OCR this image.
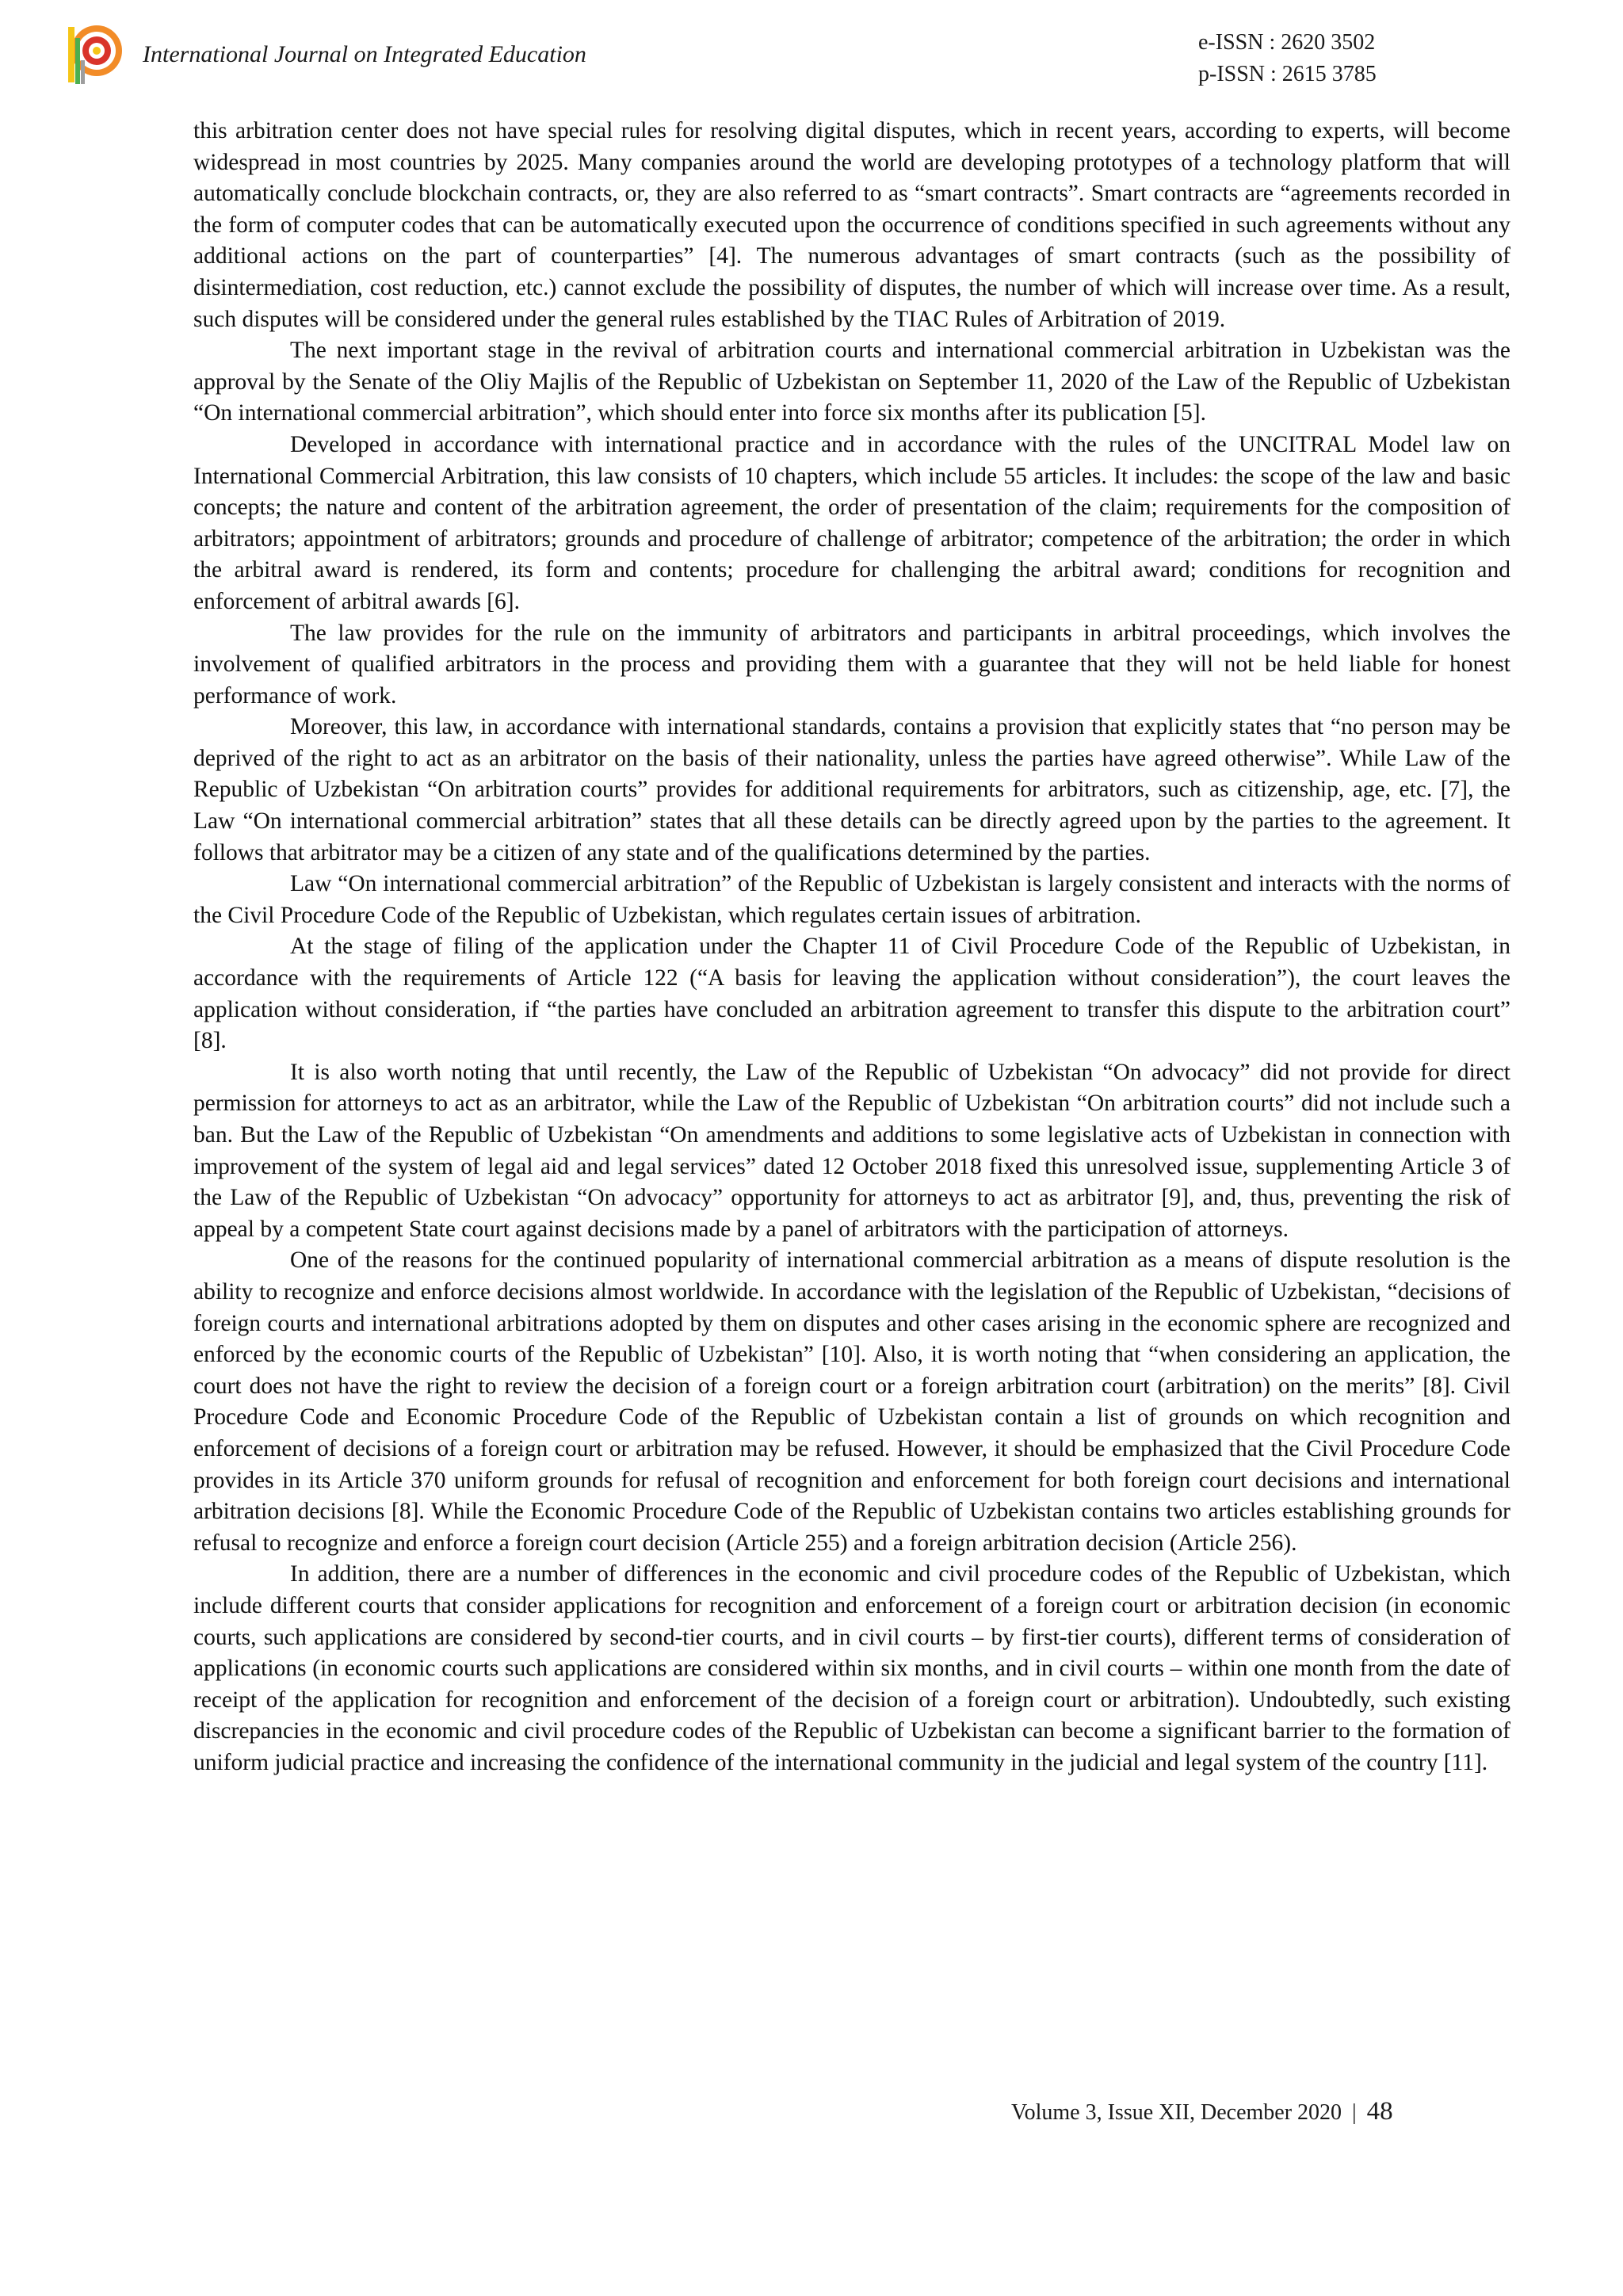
International Journal on Integrated Education	e-ISSN : 2620 3502
p-ISSN : 2615 3785

this arbitration center does not have special rules for resolving digital disputes, which in recent years, according to experts, will become widespread in most countries by 2025. Many companies around the world are developing prototypes of a technology platform that will automatically conclude blockchain contracts, or, they are also referred to as “smart contracts”. Smart contracts are “agreements recorded in the form of computer codes that can be automatically executed upon the occurrence of conditions specified in such agreements without any additional actions on the part of counterparties” [4]. The numerous advantages of smart contracts (such as the possibility of disintermediation, cost reduction, etc.) cannot exclude the possibility of disputes, the number of which will increase over time. As a result, such disputes will be considered under the general rules established by the TIAC Rules of Arbitration of 2019.

The next important stage in the revival of arbitration courts and international commercial arbitration in Uzbekistan was the approval by the Senate of the Oliy Majlis of the Republic of Uzbekistan on September 11, 2020 of the Law of the Republic of Uzbekistan “On international commercial arbitration”, which should enter into force six months after its publication [5].

Developed in accordance with international practice and in accordance with the rules of the UNCITRAL Model law on International Commercial Arbitration, this law consists of 10 chapters, which include 55 articles. It includes: the scope of the law and basic concepts; the nature and content of the arbitration agreement, the order of presentation of the claim; requirements for the composition of arbitrators; appointment of arbitrators; grounds and procedure of challenge of arbitrator; competence of the arbitration; the order in which the arbitral award is rendered, its form and contents; procedure for challenging the arbitral award; conditions for recognition and enforcement of arbitral awards [6].

The law provides for the rule on the immunity of arbitrators and participants in arbitral proceedings, which involves the involvement of qualified arbitrators in the process and providing them with a guarantee that they will not be held liable for honest performance of work.

Moreover, this law, in accordance with international standards, contains a provision that explicitly states that “no person may be deprived of the right to act as an arbitrator on the basis of their nationality, unless the parties have agreed otherwise”. While Law of the Republic of Uzbekistan “On arbitration courts” provides for additional requirements for arbitrators, such as citizenship, age, etc. [7], the Law “On international commercial arbitration” states that all these details can be directly agreed upon by the parties to the agreement. It follows that arbitrator may be a citizen of any state and of the qualifications determined by the parties.

Law “On international commercial arbitration” of the Republic of Uzbekistan is largely consistent and interacts with the norms of the Civil Procedure Code of the Republic of Uzbekistan, which regulates certain issues of arbitration.

At the stage of filing of the application under the Chapter 11 of Civil Procedure Code of the Republic of Uzbekistan, in accordance with the requirements of Article 122 (“A basis for leaving the application without consideration”), the court leaves the application without consideration, if “the parties have concluded an arbitration agreement to transfer this dispute to the arbitration court” [8].

It is also worth noting that until recently, the Law of the Republic of Uzbekistan “On advocacy” did not provide for direct permission for attorneys to act as an arbitrator, while the Law of the Republic of Uzbekistan “On arbitration courts” did not include such a ban. But the Law of the Republic of Uzbekistan “On amendments and additions to some legislative acts of Uzbekistan in connection with improvement of the system of legal aid and legal services” dated 12 October 2018 fixed this unresolved issue, supplementing Article 3 of the Law of the Republic of Uzbekistan “On advocacy” opportunity for attorneys to act as arbitrator [9], and, thus, preventing the risk of appeal by a competent State court against decisions made by a panel of arbitrators with the participation of attorneys.

One of the reasons for the continued popularity of international commercial arbitration as a means of dispute resolution is the ability to recognize and enforce decisions almost worldwide. In accordance with the legislation of the Republic of Uzbekistan, “decisions of foreign courts and international arbitrations adopted by them on disputes and other cases arising in the economic sphere are recognized and enforced by the economic courts of the Republic of Uzbekistan” [10]. Also, it is worth noting that “when considering an application, the court does not have the right to review the decision of a foreign court or a foreign arbitration court (arbitration) on the merits” [8]. Civil Procedure Code and Economic Procedure Code of the Republic of Uzbekistan contain a list of grounds on which recognition and enforcement of decisions of a foreign court or arbitration may be refused. However, it should be emphasized that the Civil Procedure Code provides in its Article 370 uniform grounds for refusal of recognition and enforcement for both foreign court decisions and international arbitration decisions [8]. While the Economic Procedure Code of the Republic of Uzbekistan contains two articles establishing grounds for refusal to recognize and enforce a foreign court decision (Article 255) and a foreign arbitration decision (Article 256).

In addition, there are a number of differences in the economic and civil procedure codes of the Republic of Uzbekistan, which include different courts that consider applications for recognition and enforcement of a foreign court or arbitration decision (in economic courts, such applications are considered by second-tier courts, and in civil courts – by first-tier courts), different terms of consideration of applications (in economic courts such applications are considered within six months, and in civil courts – within one month from the date of receipt of the application for recognition and enforcement of the decision of a foreign court or arbitration). Undoubtedly, such existing discrepancies in the economic and civil procedure codes of the Republic of Uzbekistan can become a significant barrier to the formation of uniform judicial practice and increasing the confidence of the international community in the judicial and legal system of the country [11].

Volume 3, Issue XII, December 2020 | 48
